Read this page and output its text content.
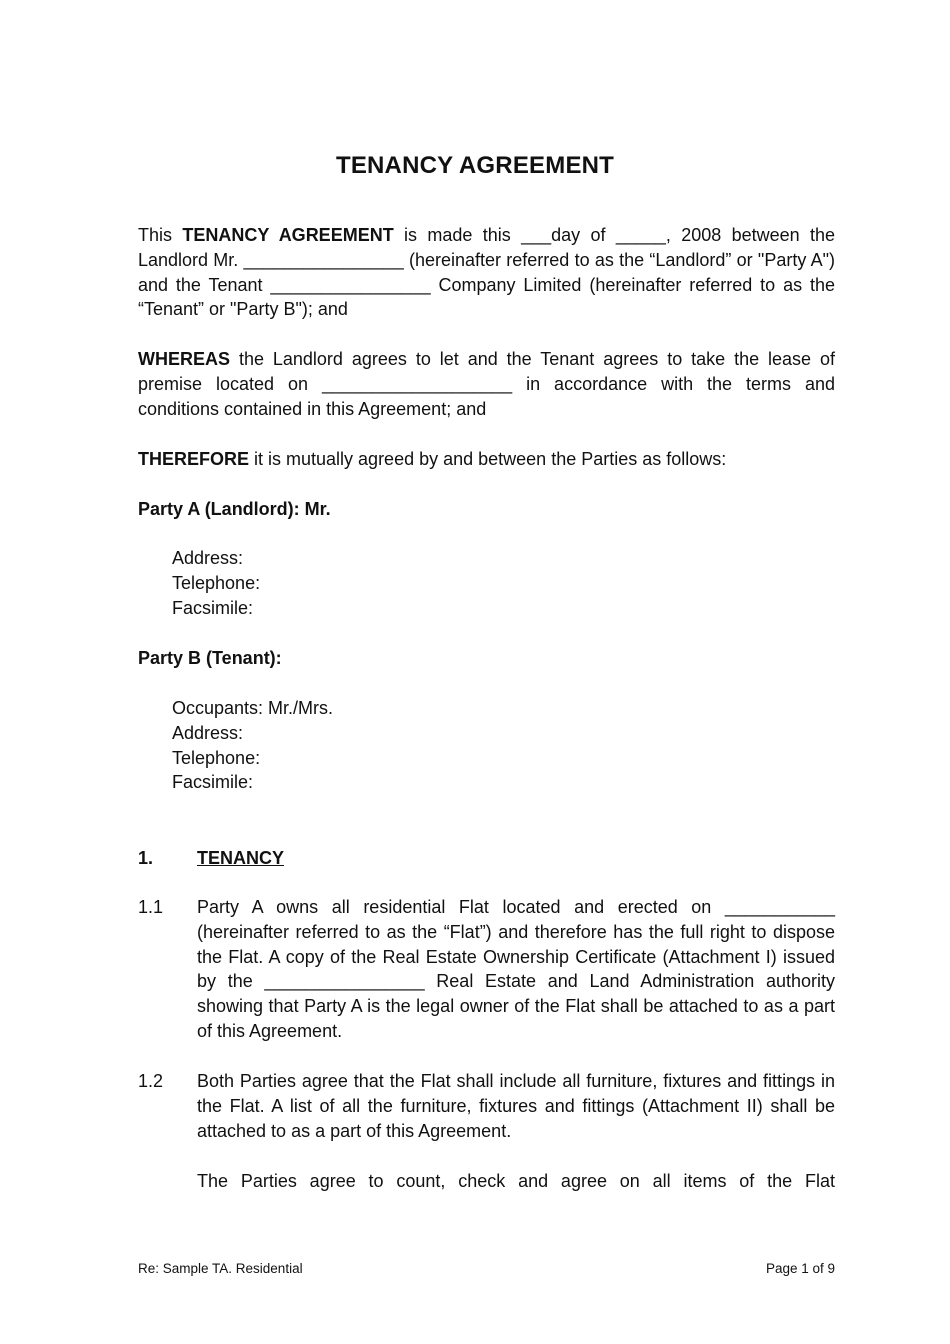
TENANCY AGREEMENT

This TENANCY AGREEMENT is made this ___day of _____, 2008 between the Landlord Mr. ________________ (hereinafter referred to as the “Landlord” or "Party A") and the Tenant ________________ Company Limited (hereinafter referred to as the “Tenant” or "Party B"); and

WHEREAS the Landlord agrees to let and the Tenant agrees to take the lease of premise located on ___________________ in accordance with the terms and conditions contained in this Agreement; and

THEREFORE it is mutually agreed by and between the Parties as follows:

Party A (Landlord): Mr.

Address:
Telephone:
Facsimile:

Party B (Tenant):

Occupants: Mr./Mrs.
Address:
Telephone:
Facsimile:
1. TENANCY
1.1 Party A owns all residential Flat located and erected on ___________ (hereinafter referred to as the “Flat”) and therefore has the full right to dispose the Flat. A copy of the Real Estate Ownership Certificate (Attachment I) issued by the ________________ Real Estate and Land Administration authority showing that Party A is the legal owner of the Flat shall be attached to as a part of this Agreement.

1.2 Both Parties agree that the Flat shall include all furniture, fixtures and fittings in the Flat. A list of all the furniture, fixtures and fittings (Attachment II) shall be attached to as a part of this Agreement.

The Parties agree to count, check and agree on all items of the Flat
Re: Sample TA. Residential	Page 1 of 9
